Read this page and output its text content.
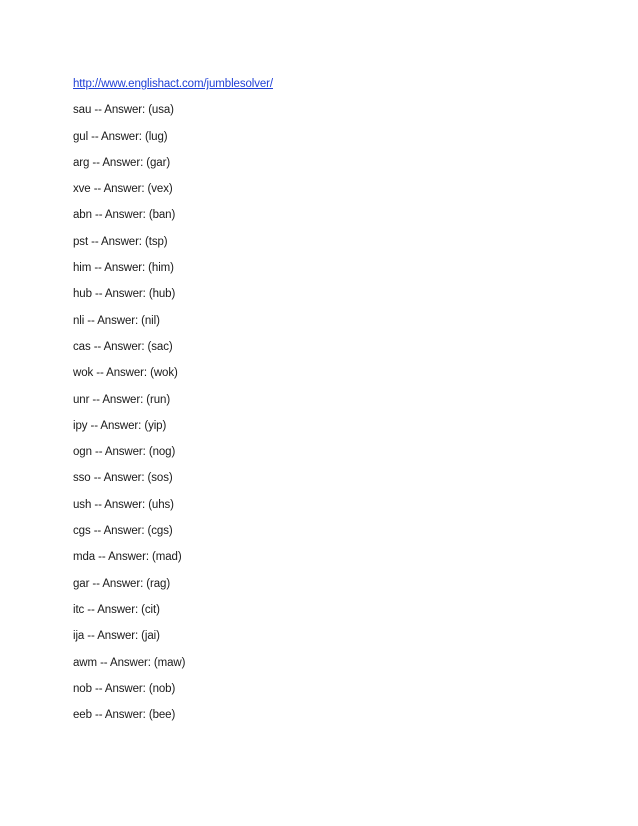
http://www.englishact.com/jumblesolver/
sau -- Answer: (usa)
gul -- Answer: (lug)
arg -- Answer: (gar)
xve -- Answer: (vex)
abn -- Answer: (ban)
pst -- Answer: (tsp)
him -- Answer: (him)
hub -- Answer: (hub)
nli -- Answer: (nil)
cas -- Answer: (sac)
wok -- Answer: (wok)
unr -- Answer: (run)
ipy -- Answer: (yip)
ogn -- Answer: (nog)
sso -- Answer: (sos)
ush -- Answer: (uhs)
cgs -- Answer: (cgs)
mda -- Answer: (mad)
gar -- Answer: (rag)
itc -- Answer: (cit)
ija -- Answer: (jai)
awm -- Answer: (maw)
nob -- Answer: (nob)
eeb -- Answer: (bee)
